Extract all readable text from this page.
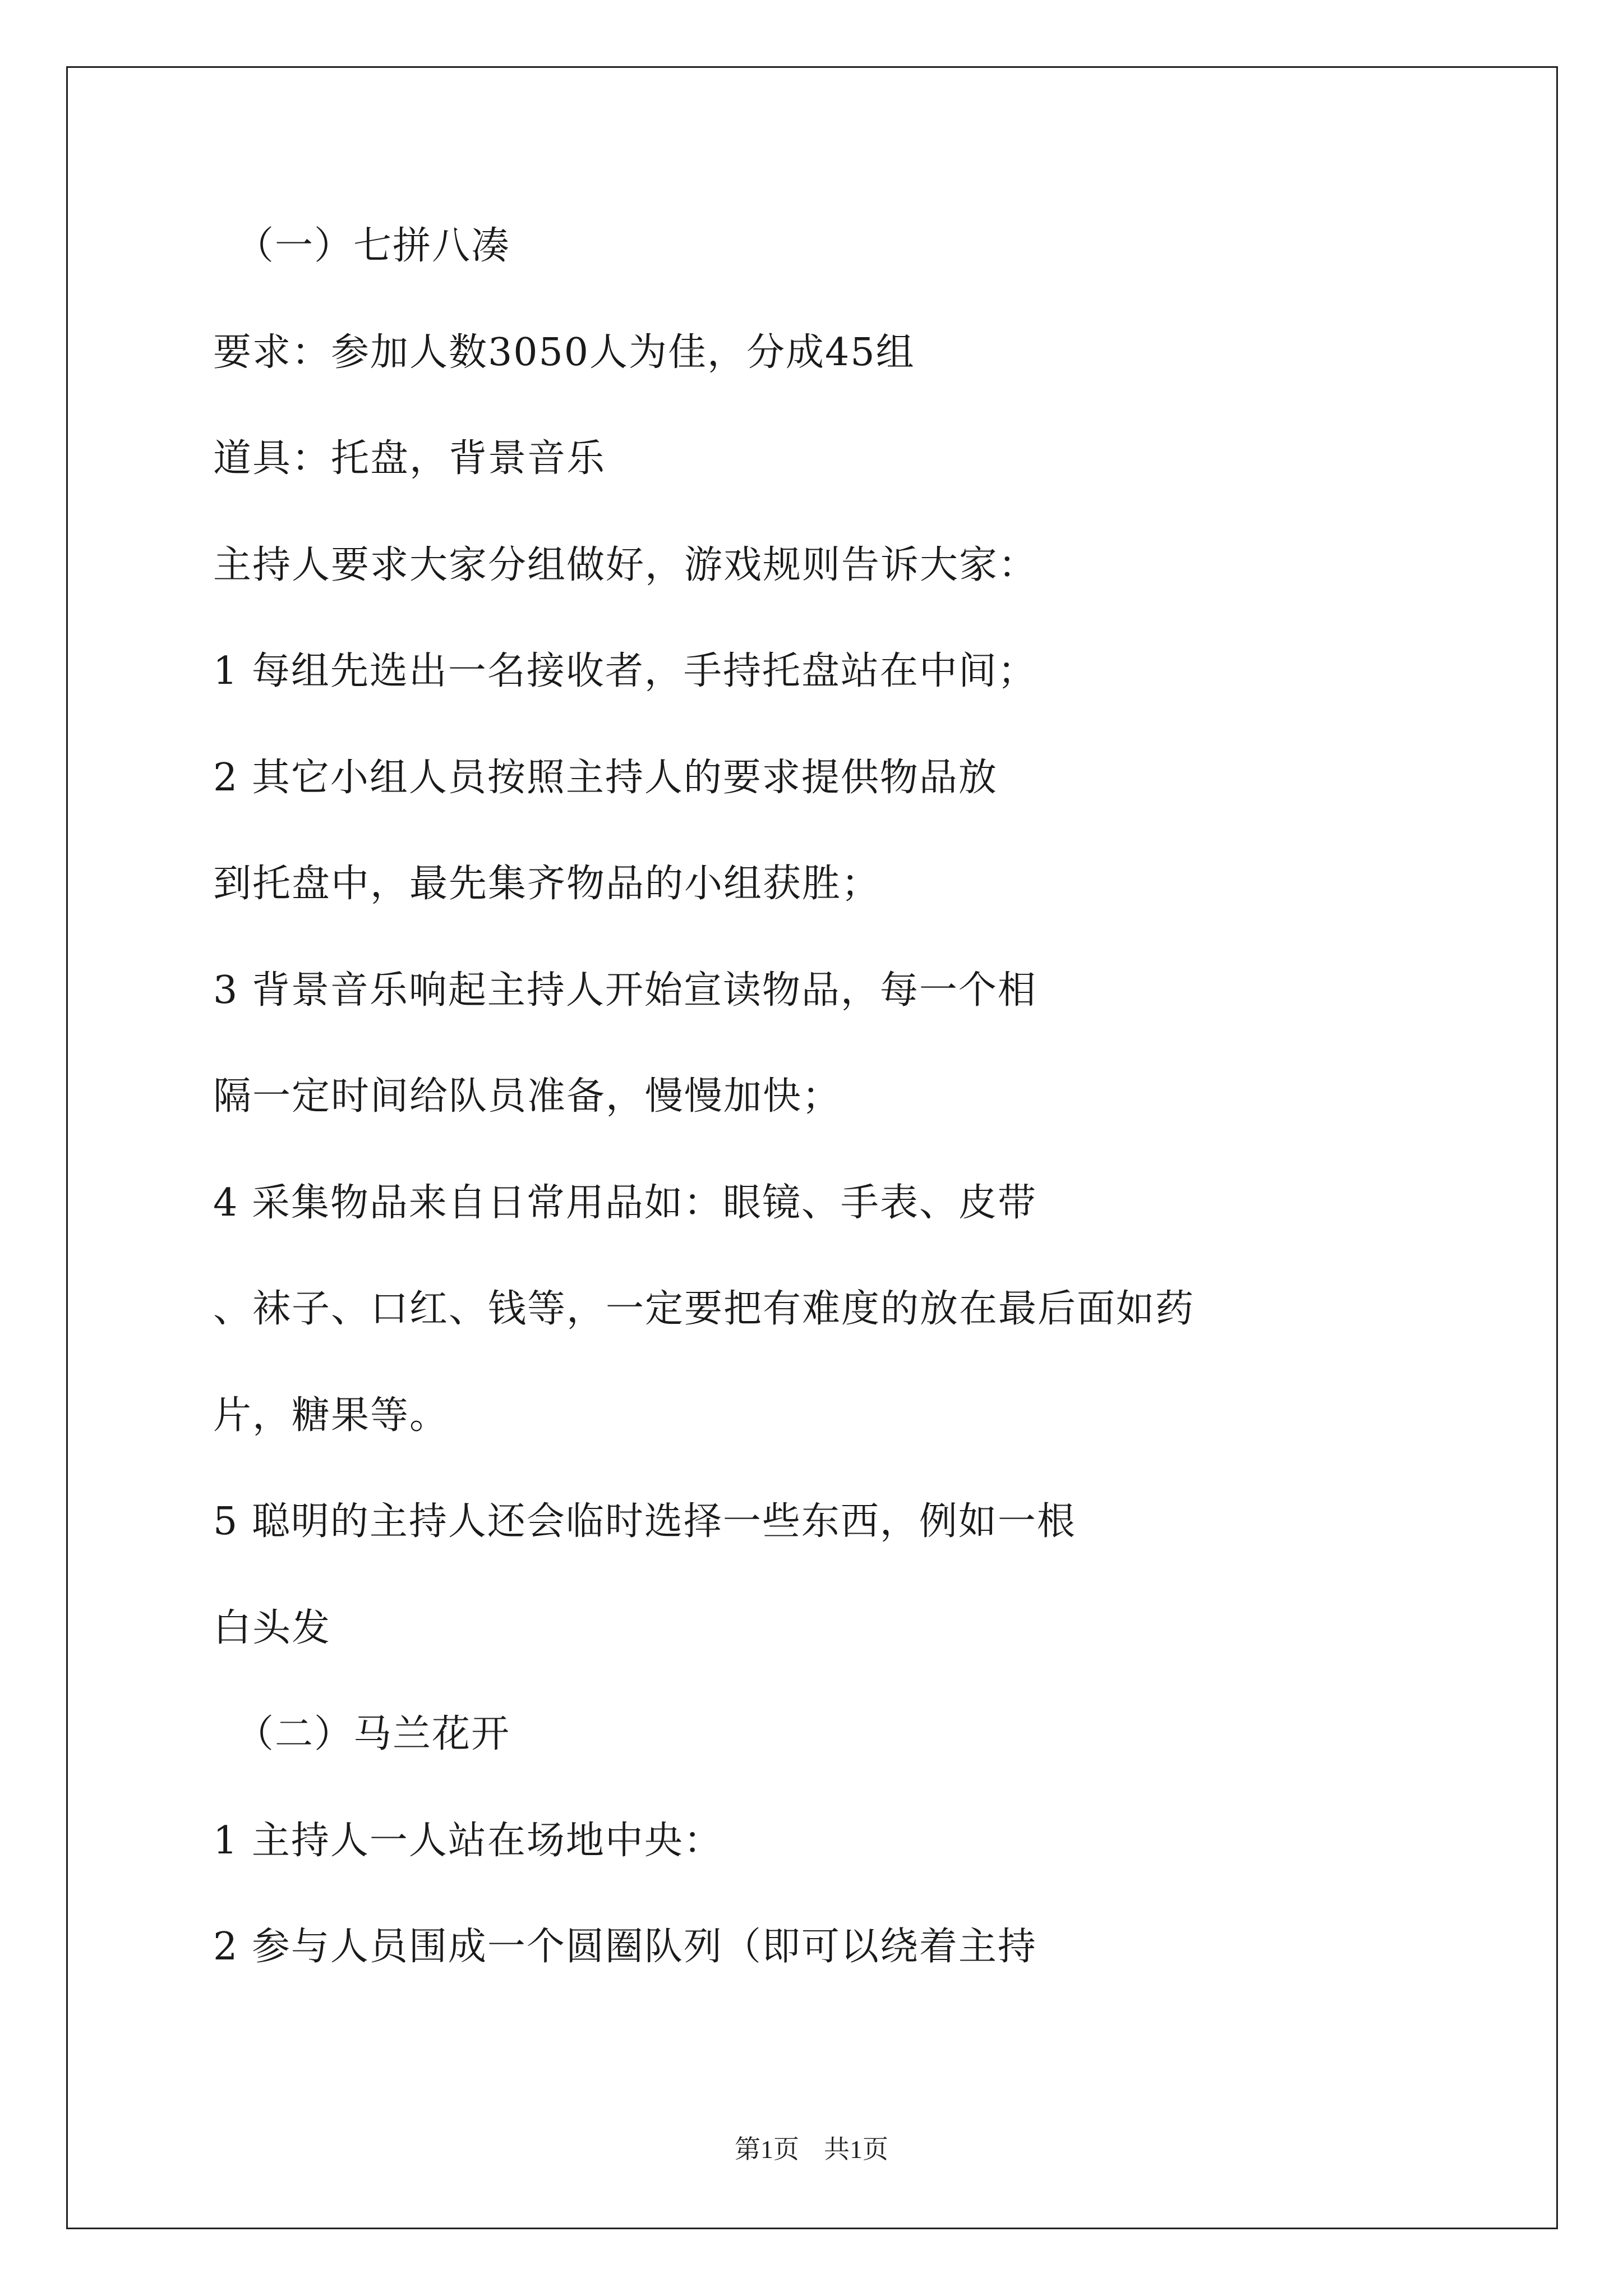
（一）七拼八凑
要求：参加人数3050人为佳，分成45组
道具：托盘，背景音乐
主持人要求大家分组做好，游戏规则告诉大家：
1 每组先选出一名接收者，手持托盘站在中间；
2 其它小组人员按照主持人的要求提供物品放
到托盘中，最先集齐物品的小组获胜；
3 背景音乐响起主持人开始宣读物品，每一个相
隔一定时间给队员准备，慢慢加快；
4 采集物品来自日常用品如：眼镜、手表、皮带
、袜子、口红、钱等，一定要把有难度的放在最后面如药
片，糖果等。
5 聪明的主持人还会临时选择一些东西，例如一根
白头发
（二）马兰花开
1 主持人一人站在场地中央：
2 参与人员围成一个圆圈队列（即可以绕着主持
第1页 共1页
